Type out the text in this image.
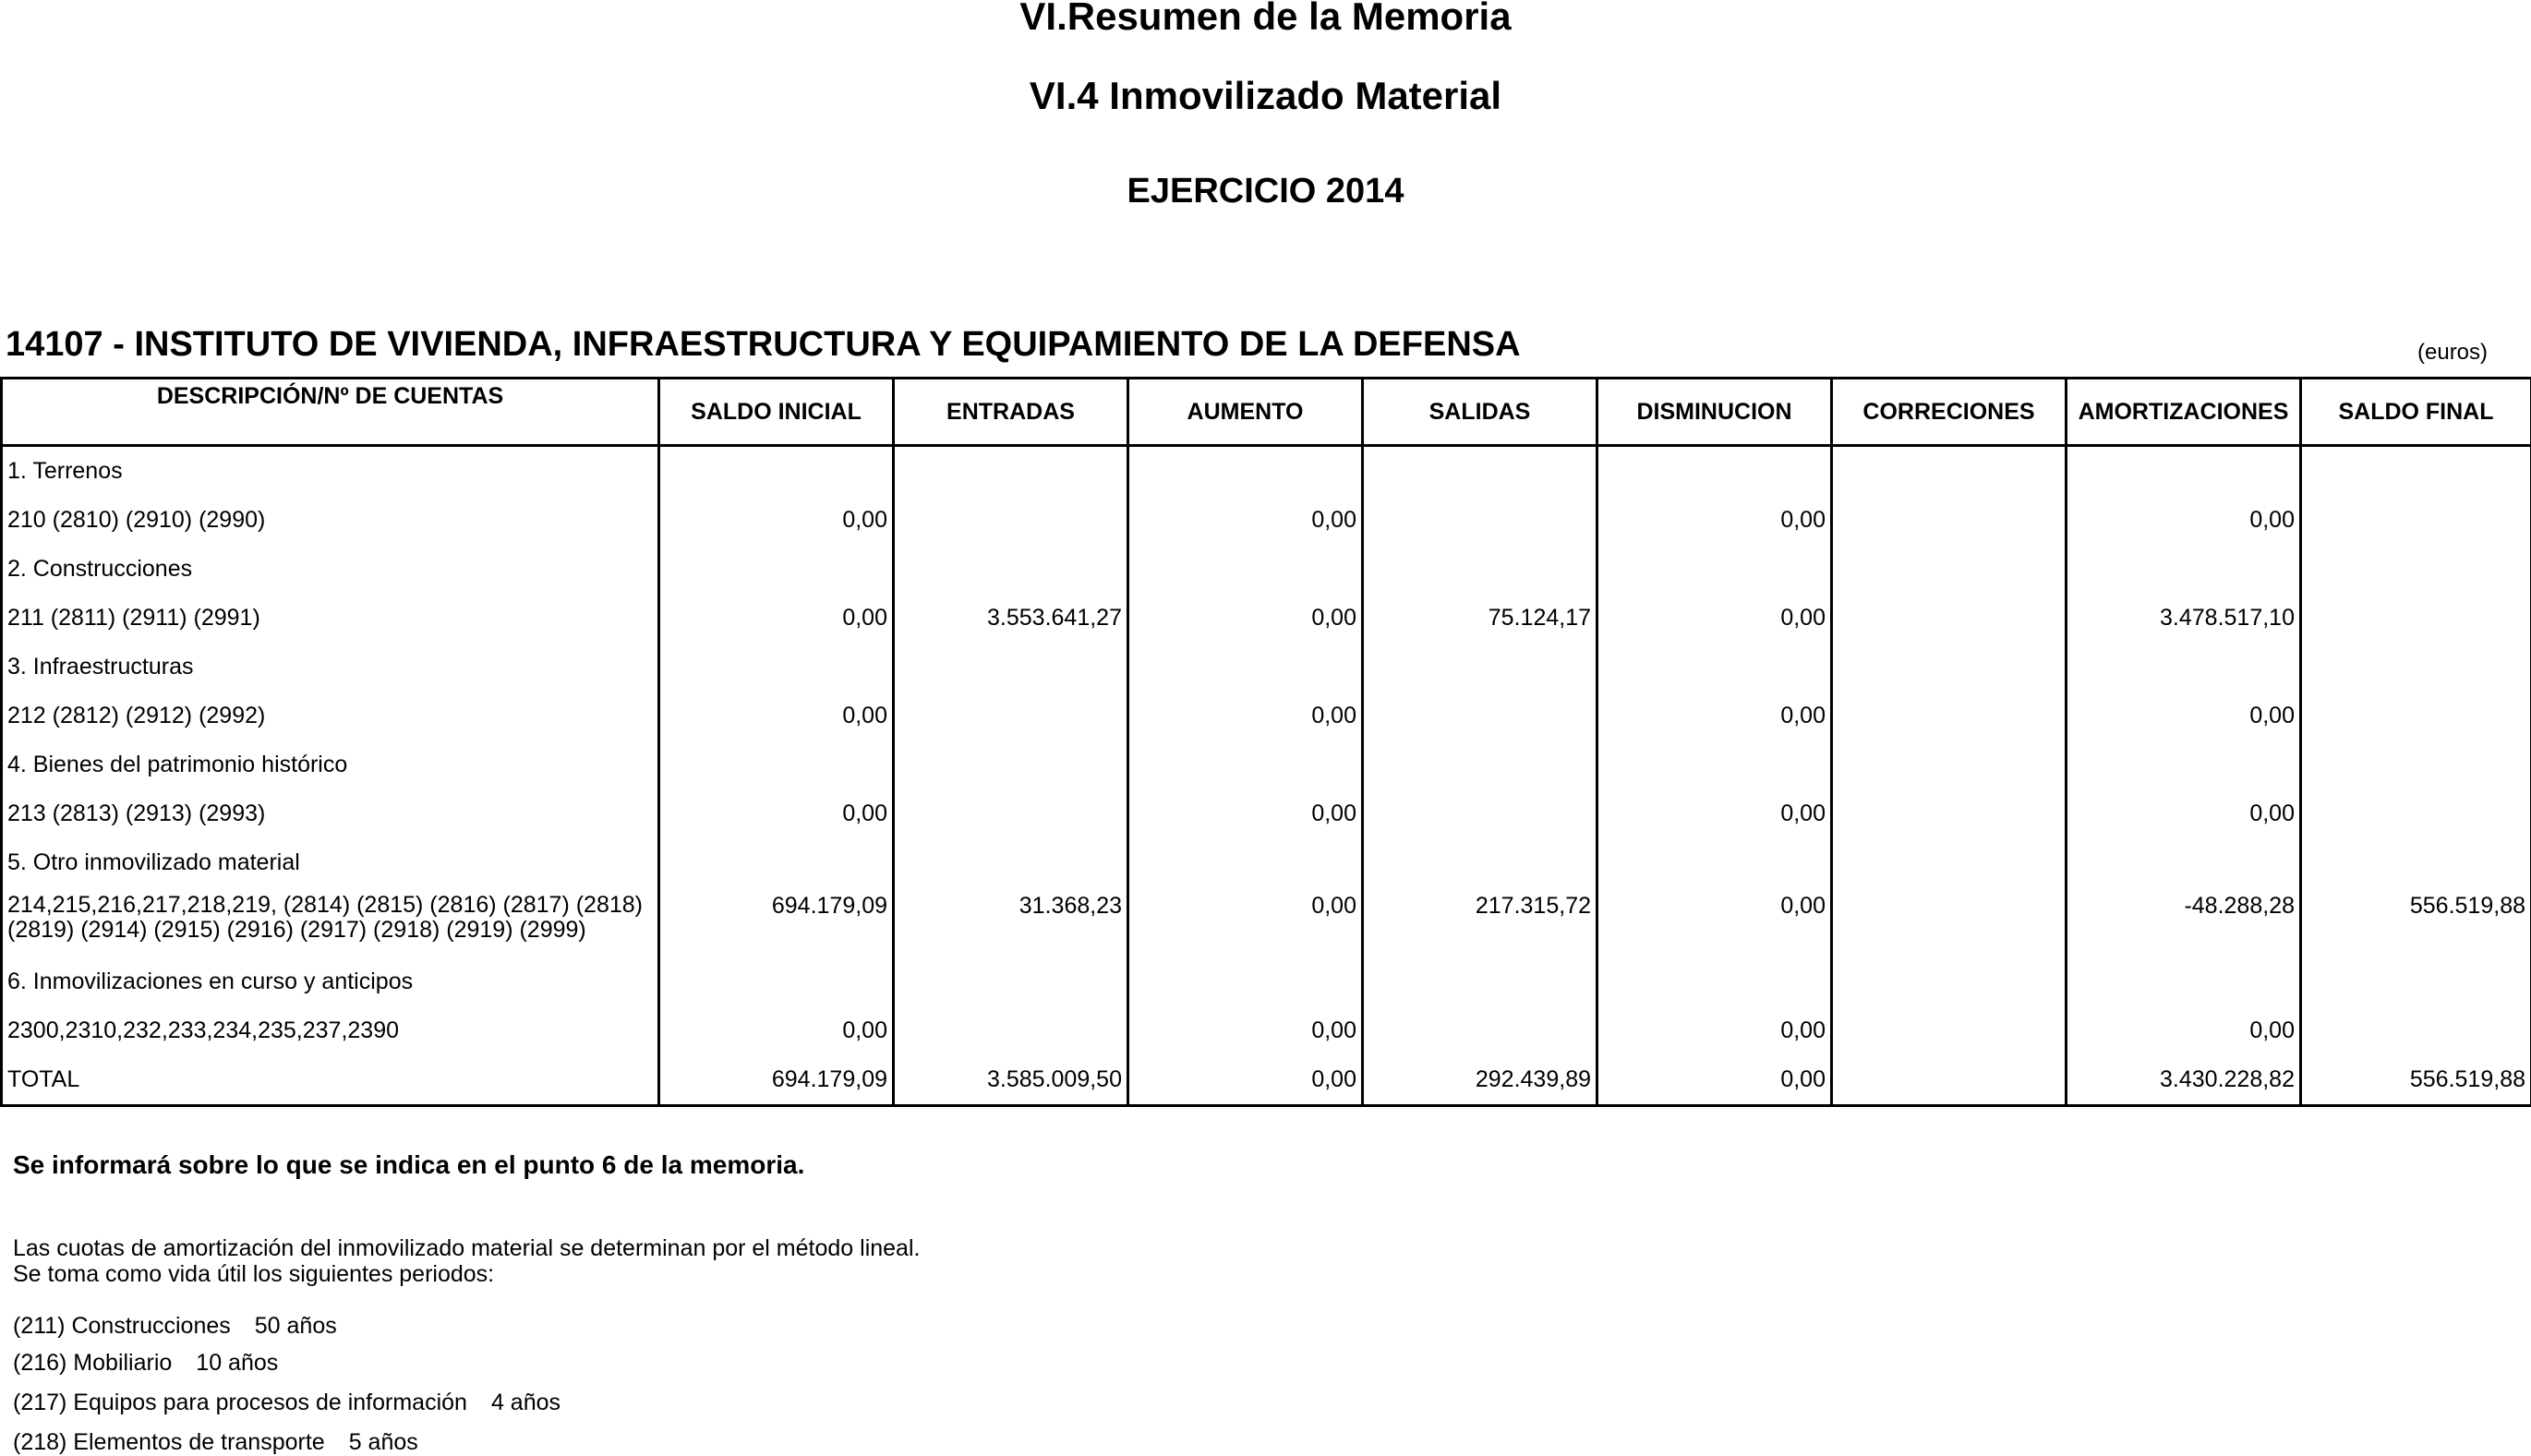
VI.Resumen de la Memoria
VI.4 Inmovilizado Material
EJERCICIO 2014
14107 - INSTITUTO DE VIVIENDA, INFRAESTRUCTURA Y EQUIPAMIENTO DE LA DEFENSA	(euros)
DESCRIPCIÓN/Nº DE CUENTAS	SALDO INICIAL	ENTRADAS	AUMENTO	SALIDAS	DISMINUCION	CORRECIONES	AMORTIZACIONES	SALDO FINAL
1. Terrenos								
210 (2810) (2910) (2990)	0,00		0,00		0,00		0,00	
2. Construcciones								
211 (2811) (2911) (2991)	0,00	3.553.641,27	0,00	75.124,17	0,00		3.478.517,10	
3. Infraestructuras								
212 (2812) (2912) (2992)	0,00		0,00		0,00		0,00	
4. Bienes del patrimonio histórico								
213 (2813) (2913) (2993)	0,00		0,00		0,00		0,00	
5. Otro inmovilizado material								

214,215,216,217,218,219, (2814) (2815) (2816) (2817) (2818)
(2819) (2914) (2915) (2916) (2917) (2918) (2919) (2999)	694.179,09	31.368,23	0,00	217.315,72	0,00		-48.288,28	556.519,88
6. Inmovilizaciones en curso y anticipos								
2300,2310,232,233,234,235,237,2390	0,00		0,00		0,00		0,00	
TOTAL	694.179,09	3.585.009,50	0,00	292.439,89	0,00		3.430.228,82	556.519,88
Se informará sobre lo que se indica en el punto 6 de la memoria.
Las cuotas de amortización del inmovilizado material se determinan por el método lineal.
Se toma como vida útil los siguientes periodos:
(211) Construcciones 50 años
(216) Mobiliario 10 años
(217) Equipos para procesos de información 4 años
(218) Elementos de transporte 5 años
